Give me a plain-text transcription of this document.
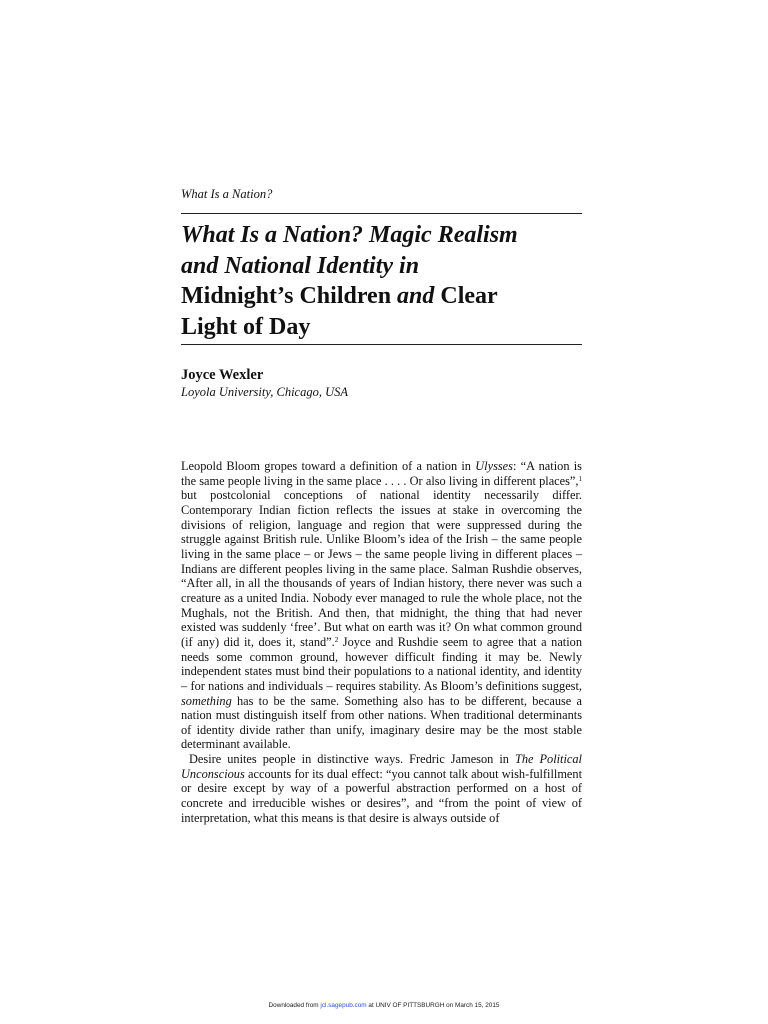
What Is a Nation?
What Is a Nation? Magic Realism
and National Identity in
Midnight’s Children and Clear
Light of Day
Joyce Wexler
Loyola University, Chicago, USA

Leopold Bloom gropes toward a definition of a nation in Ulysses: “A nation is the same people living in the same place . . . . Or also living in different places”,$^1$ but postcolonial conceptions of national identity necessarily differ. Contemporary Indian fiction reflects the issues at stake in overcoming the divisions of religion, language and region that were suppressed during the struggle against British rule. Unlike Bloom’s idea of the Irish – the same people living in the same place – or Jews – the same people living in different places – Indians are different peoples living in the same place. Salman Rushdie observes, “After all, in all the thousands of years of Indian history, there never was such a creature as a united India. Nobody ever managed to rule the whole place, not the Mughals, not the British. And then, that midnight, the thing that had never existed was suddenly ‘free’. But what on earth was it? On what common ground (if any) did it, does it, stand”.$^2$ Joyce and Rushdie seem to agree that a nation needs some common ground, however difficult finding it may be. Newly independent states must bind their populations to a national identity, and identity – for nations and individuals – requires stability. As Bloom’s definitions suggest, something has to be the same. Something also has to be different, because a nation must distinguish itself from other nations. When traditional determinants of identity divide rather than unify, imaginary desire may be the most stable determinant available.

Desire unites people in distinctive ways. Fredric Jameson in The Political Unconscious accounts for its dual effect: “you cannot talk about wish-fulfillment or desire except by way of a powerful abstraction performed on a host of concrete and irreducible wishes or desires”, and “from the point of view of interpretation, what this means is that desire is always outside of

Downloaded from jcl.sagepub.com at UNIV OF PITTSBURGH on March 15, 2015
